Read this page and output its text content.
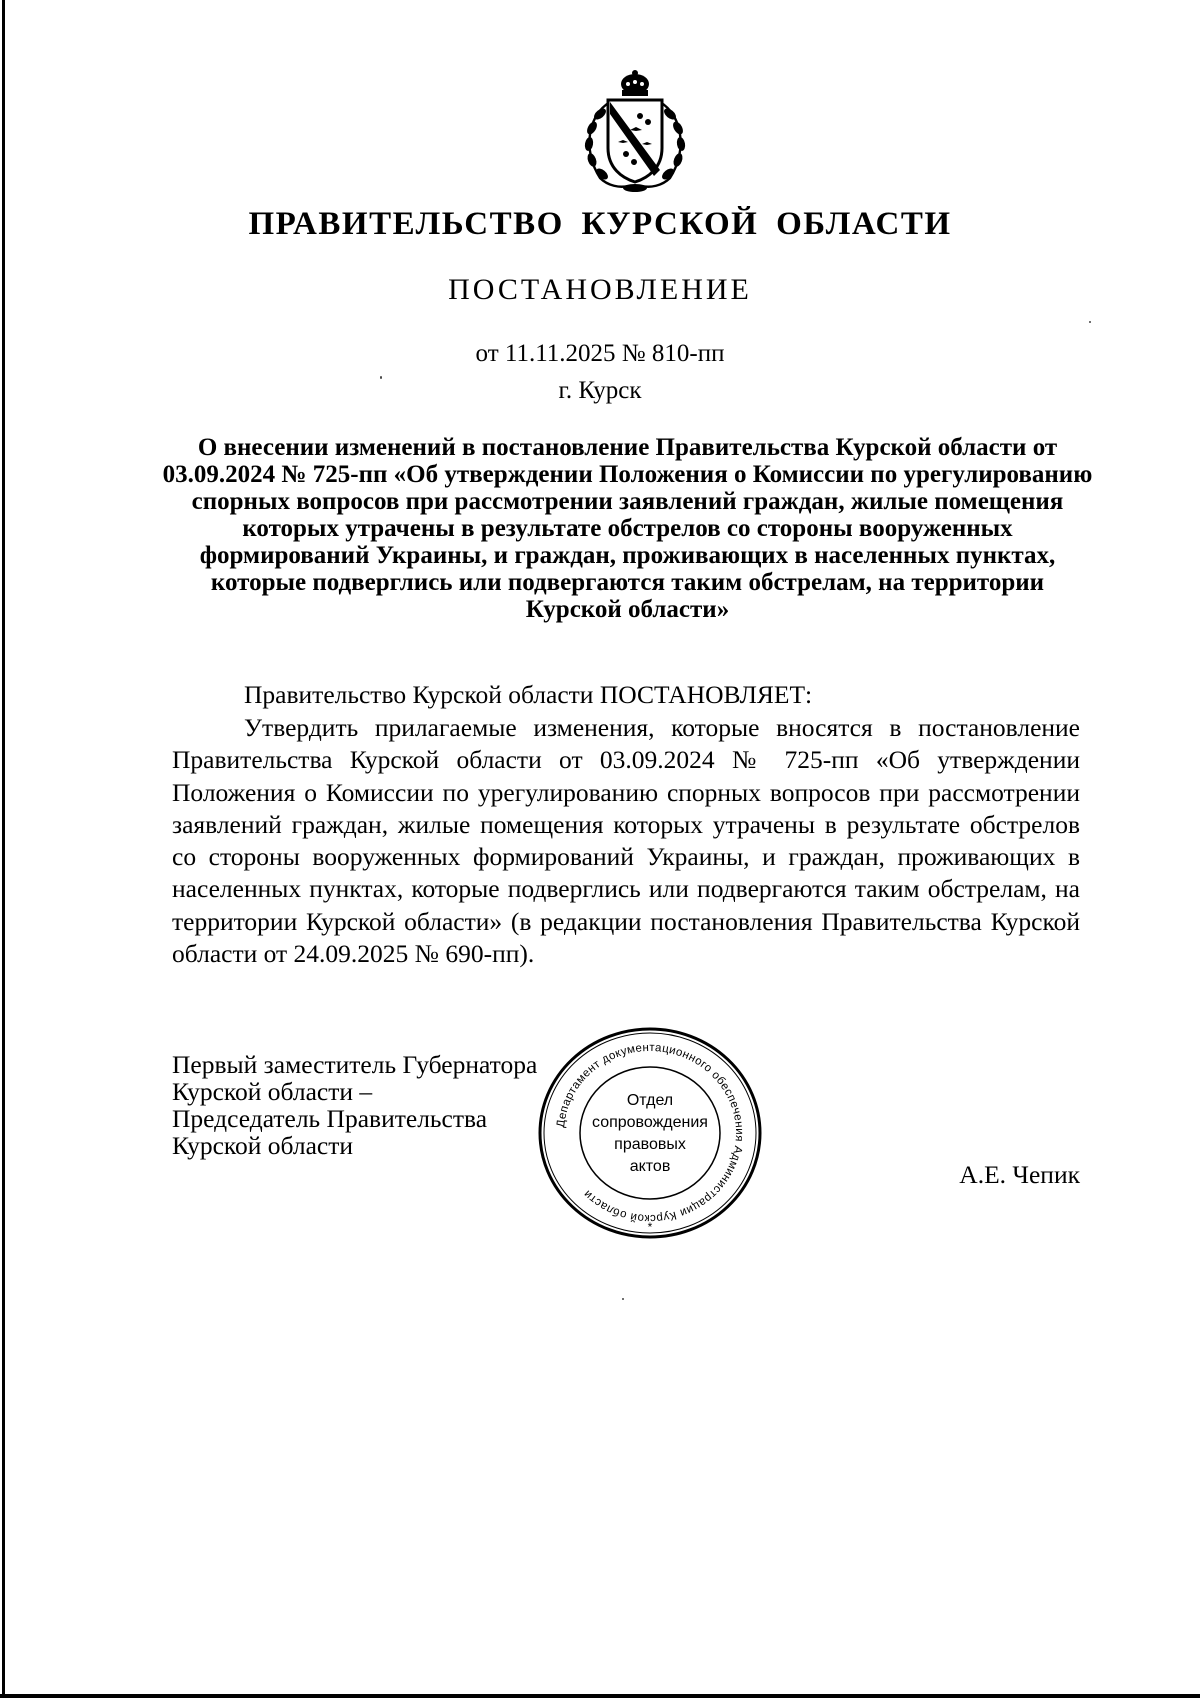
ПРАВИТЕЛЬСТВО КУРСКОЙ ОБЛАСТИ
ПОСТАНОВЛЕНИЕ
от 11.11.2025 № 810-пп
г. Курск
О внесении изменений в постановление Правительства Курской области от 03.09.2024 № 725-пп «Об утверждении Положения о Комиссии по урегулированию спорных вопросов при рассмотрении заявлений граждан, жилые помещения которых утрачены в результате обстрелов со стороны вооруженных формирований Украины, и граждан, проживающих в населенных пунктах, которые подверглись или подвергаются таким обстрелам, на территории Курской области»
Правительство Курской области ПОСТАНОВЛЯЕТ:
Утвердить прилагаемые изменения, которые вносятся в постановление Правительства Курской области от 03.09.2024 № 725-пп «Об утверждении Положения о Комиссии по урегулированию спорных вопросов при рассмотрении заявлений граждан, жилые помещения которых утрачены в результате обстрелов со стороны вооруженных формирований Украины, и граждан, проживающих в населенных пунктах, которые подверглись или подвергаются таким обстрелам, на территории Курской области» (в редакции постановления Правительства Курской области от 24.09.2025 № 690-пп).
Первый заместитель Губернатора
Курской области –
Председатель Правительства
Курской области
Департамент документационного обеспечения Администрации Курской области
*
Отдел
сопровождения
правовых
актов	А.Е. Чепик
